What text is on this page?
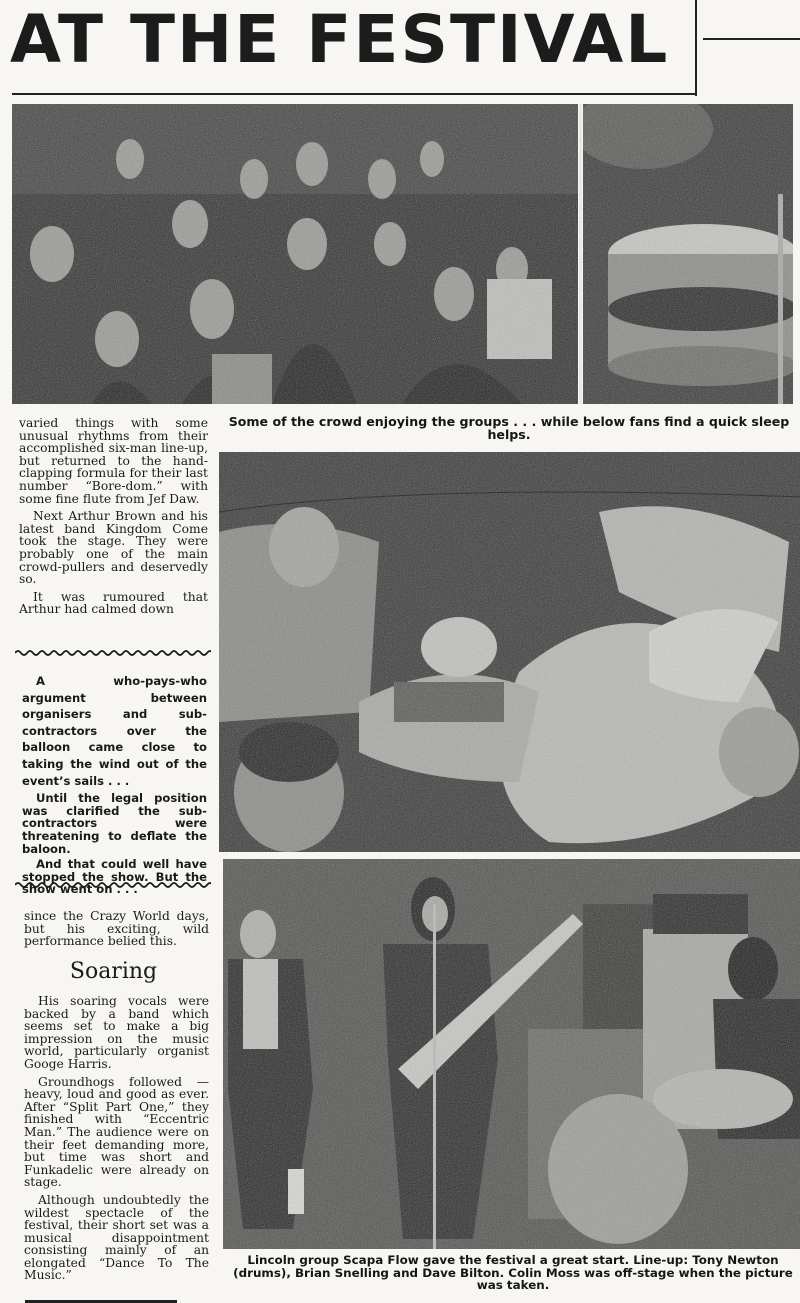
AT THE FESTIVAL
Some of the crowd enjoying the groups . . . while below fans find a quick sleep helps.

varied things with some unusual rhythms from their accomplished six-man line-up, but returned to the hand-clapping formula for their last number “Bore-dom.” with some fine flute from Jef Daw.

Next Arthur Brown and his latest band Kingdom Come took the stage. They were probably one of the main crowd-pullers and deservedly so.

It was rumoured that Arthur had calmed down

A who-pays-who argument between organisers and sub-contractors over the balloon came close to taking the wind out of the event’s sails . . .

Until the legal position was clarified the sub-contractors were threatening to deflate the baloon.

And that could well have stopped the show. But the show went on . . .

since the Crazy World days, but his exciting, wild performance belied this.

Soaring

His soaring vocals were backed by a band which seems set to make a big impression on the music world, particularly organist Googe Harris.

Groundhogs followed — heavy, loud and good as ever. After “Split Part One,” they finished with “Eccentric Man.” The audience were on their feet demanding more, but time was short and Funkadelic were already on stage.

Although undoubtedly the wildest spectacle of the festival, their short set was a musical disappointment consisting mainly of an elongated “Dance To The Music.”

Lincoln group Scapa Flow gave the festival a great start. Line-up: Tony Newton (drums), Brian Snelling and Dave Bilton. Colin Moss was off-stage when the picture was taken.
